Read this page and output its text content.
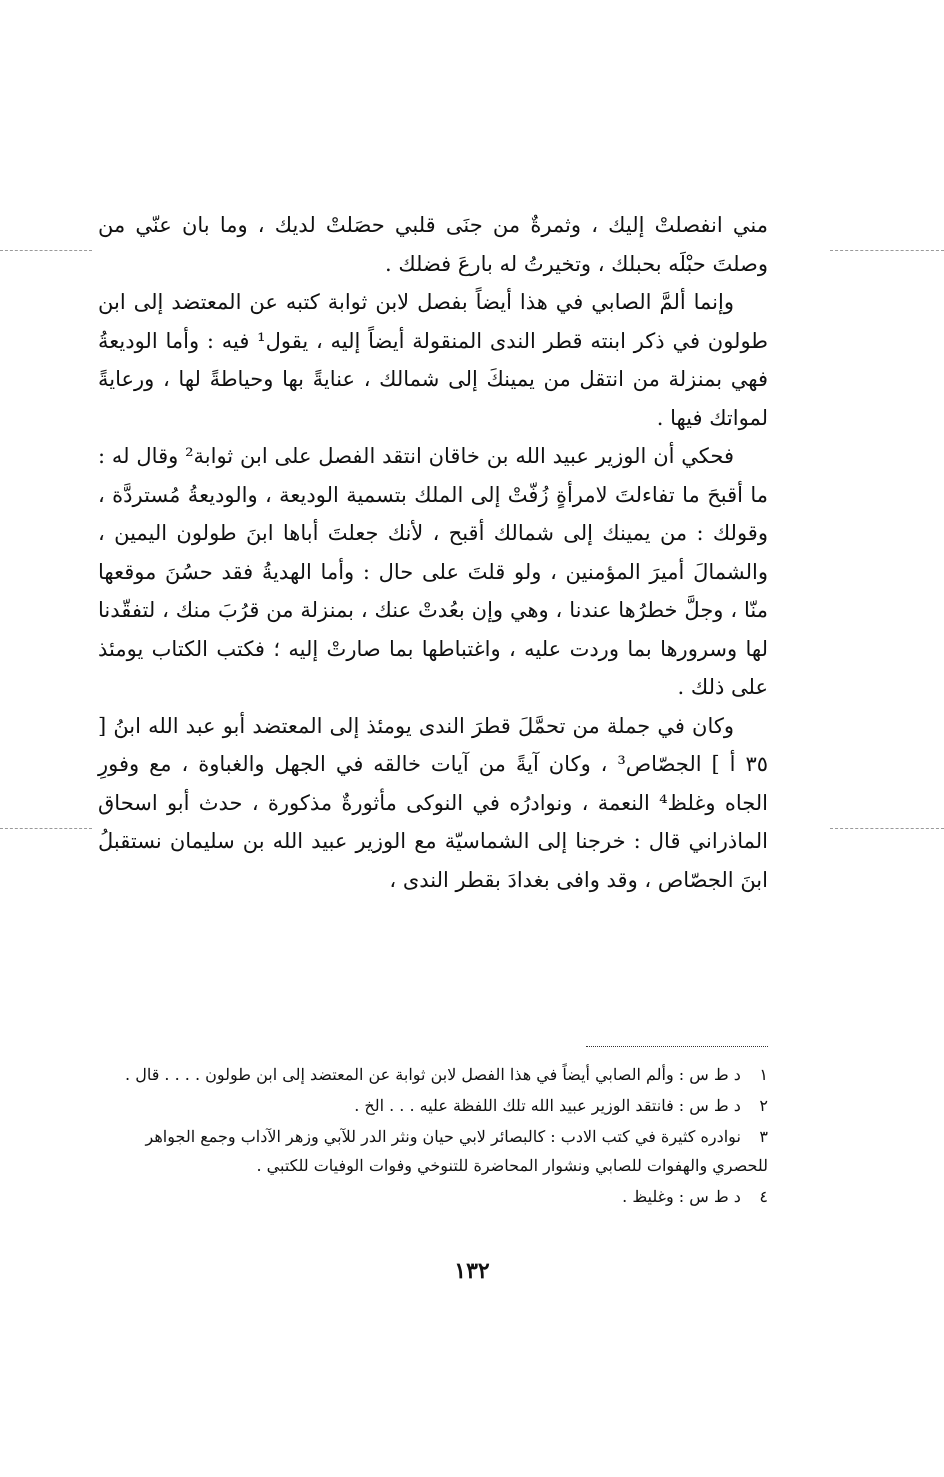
مني انفصلتْ إليك ، وثمرةٌ من جنَى قلبي حصَلتْ لديك ، وما بان عنّي من وصلتَ حبْلَه بحبلك ، وتخيرتُ له بارعَ فضلك .

وإنما ألمَّ الصابي في هذا أيضاً بفصل لابن ثوابة كتبه عن المعتضد إلى ابن طولون في ذكر ابنته قطر الندى المنقولة أيضاً إليه ، يقول¹ فيه : وأما الوديعةُ فهي بمنزلة من انتقل من يمينكَ إلى شمالك ، عنايةً بها وحياطةً لها ، ورعايةً لمواتك فيها .

فحكي أن الوزير عبيد الله بن خاقان انتقد الفصل على ابن ثوابة² وقال له : ما أقبحَ ما تفاءلتَ لامرأةٍ زُفّتْ إلى الملك بتسمية الوديعة ، والوديعةُ مُستردَّة ، وقولك : من يمينك إلى شمالك أقبح ، لأنك جعلتَ أباها ابنَ طولون اليمين ، والشمالَ أميرَ المؤمنين ، ولو قلتَ على حال : وأما الهديةُ فقد حسُنَ موقعها منّا ، وجلَّ خطرُها عندنا ، وهي وإن بعُدتْ عنك ، بمنزلة من قرُبَ منك ، لتفقّدنا لها وسرورها بما وردت عليه ، واغتباطها بما صارتْ إليه ؛ فكتب الكتاب يومئذ على ذلك .

وكان في جملة من تحمَّلَ قطرَ الندى يومئذ إلى المعتضد أبو عبد الله ابنُ [ ٣٥ أ ] الجصّاص³ ، وكان آيةً من آيات خالقه في الجهل والغباوة ، مع وفورِ الجاه وغلظ⁴ النعمة ، ونوادرُه في النوكى مأثورةٌ مذكورة ، حدث أبو اسحاق الماذراني قال : خرجنا إلى الشماسيّة مع الوزير عبيد الله بن سليمان نستقبلُ ابنَ الجصّاص ، وقد وافى بغدادَ بقطر الندى ،

١ د ط س : وألم الصابي أيضاً في هذا الفصل لابن ثوابة عن المعتضد إلى ابن طولون . . . . قال .

٢ د ط س : فانتقد الوزير عبيد الله تلك اللفظة عليه . . . الخ .

٣ نوادره كثيرة في كتب الادب : كالبصائر لابي حيان ونثر الدر للآبي وزهر الآداب وجمع الجواهر للحصري والهفوات للصابي ونشوار المحاضرة للتنوخي وفوات الوفيات للكتبي .

٤ د ط س : وغليظ .

١٣٢
